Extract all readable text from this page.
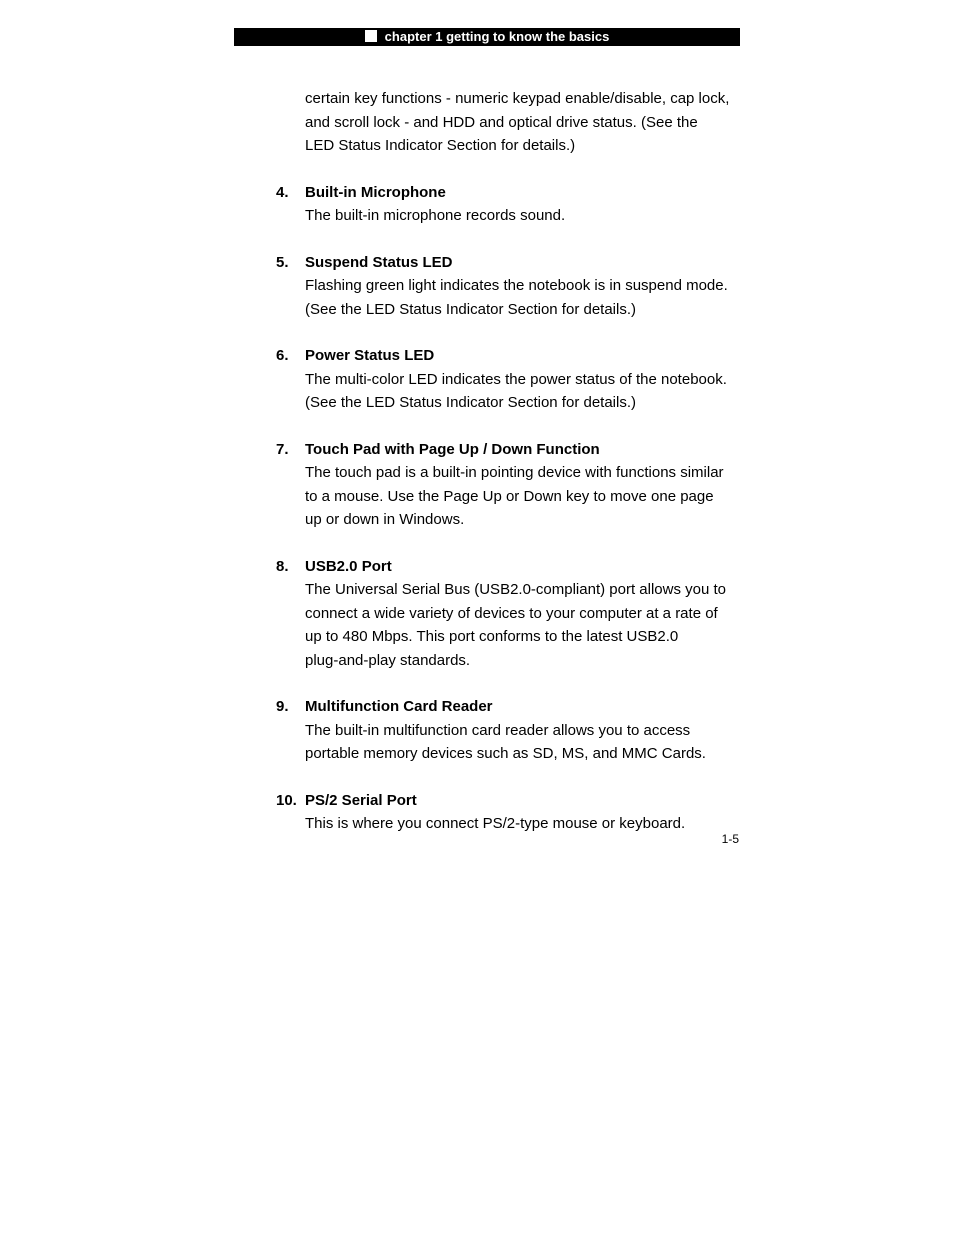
chapter 1 getting to know the basics
certain key functions - numeric keypad enable/disable, cap lock,
and scroll lock - and HDD and optical drive status. (See the
LED Status Indicator Section for details.)
4.	Built-in Microphone
The built-in microphone records sound.
5.	Suspend Status LED
Flashing green light indicates the notebook is in suspend mode.
(See the LED Status Indicator Section for details.)
6.	Power Status LED
The multi-color LED indicates the power status of the notebook.
(See the LED Status Indicator Section for details.)
7.	Touch Pad with Page Up / Down Function
The touch pad is a built-in pointing device with functions similar
to a mouse. Use the Page Up or Down key to move one page
up or down in Windows.
8.	USB2.0 Port
The Universal Serial Bus (USB2.0-compliant) port allows you to
connect a wide variety of devices to your computer at a rate of
up to 480 Mbps. This port conforms to the latest USB2.0
plug-and-play standards.
9.	Multifunction Card Reader
The built-in multifunction card reader allows you to access
portable memory devices such as SD, MS, and MMC Cards.
10. PS/2 Serial Port
This is where you connect PS/2-type mouse or keyboard.
1-5
